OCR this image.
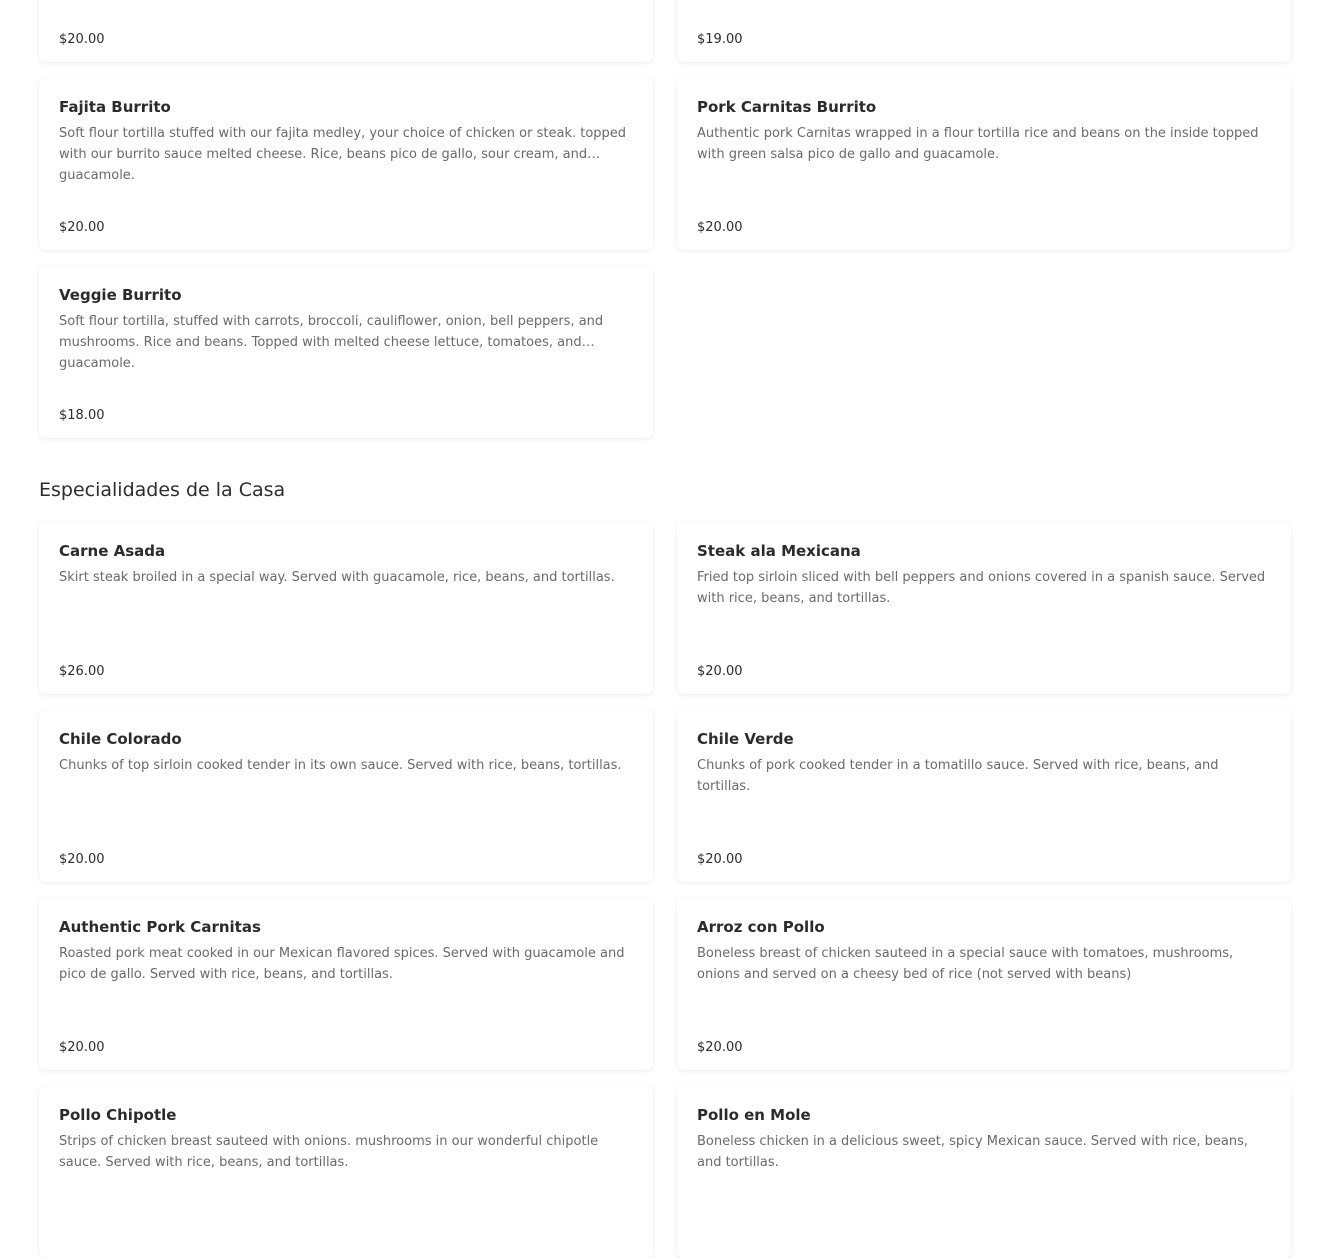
$20.00	$19.00
Fajita Burrito
Soft flour tortilla stuffed with our fajita medley, your choice of chicken or steak. topped with our burrito sauce melted cheese. Rice, beans pico de gallo, sour cream, and guacamole.
$20.00
Pork Carnitas Burrito
Authentic pork Carnitas wrapped in a flour tortilla rice and beans on the inside topped with green salsa pico de gallo and guacamole.
$20.00
Veggie Burrito
Soft flour tortilla, stuffed with carrots, broccoli, cauliflower, onion, bell peppers, and mushrooms. Rice and beans. Topped with melted cheese lettuce, tomatoes, and guacamole.
$18.00
Especialidades de la Casa
Carne Asada
Skirt steak broiled in a special way. Served with guacamole, rice, beans, and tortillas.
$26.00
Steak ala Mexicana
Fried top sirloin sliced with bell peppers and onions covered in a spanish sauce. Served with rice, beans, and tortillas.
$20.00
Chile Colorado
Chunks of top sirloin cooked tender in its own sauce. Served with rice, beans, tortillas.
$20.00
Chile Verde
Chunks of pork cooked tender in a tomatillo sauce. Served with rice, beans, and tortillas.
$20.00
Authentic Pork Carnitas
Roasted pork meat cooked in our Mexican flavored spices. Served with guacamole and pico de gallo. Served with rice, beans, and tortillas.
$20.00
Arroz con Pollo
Boneless breast of chicken sauteed in a special sauce with tomatoes, mushrooms, onions and served on a cheesy bed of rice (not served with beans)
$20.00
Pollo Chipotle
Strips of chicken breast sauteed with onions. mushrooms in our wonderful chipotle sauce. Served with rice, beans, and tortillas.
Pollo en Mole
Boneless chicken in a delicious sweet, spicy Mexican sauce. Served with rice, beans, and tortillas.
